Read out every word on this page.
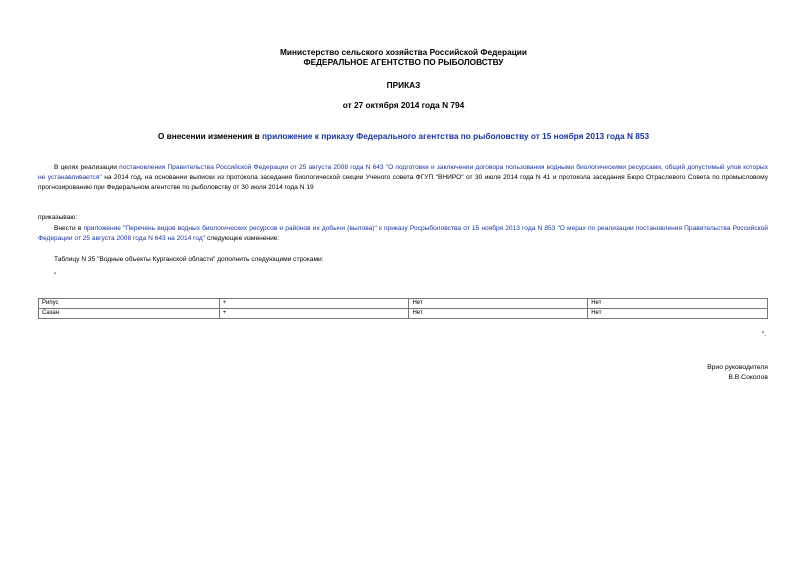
Министерство сельского хозяйства Российской Федерации
ФЕДЕРАЛЬНОЕ АГЕНТСТВО ПО РЫБОЛОВСТВУ
ПРИКАЗ
от 27 октября 2014 года N 794
О внесении изменения в приложение к приказу Федерального агентства по рыболовству от 15 ноября 2013 года N 853
В целях реализации постановления Правительства Российской Федерации от 25 августа 2008 года N 643 "О подготовке и заключении договора пользования водными биологическими ресурсами, общий допустимый улов которых не устанавливается" на 2014 год, на основании выписки из протокола заседания биологической секции Ученого совета ФГУП "ВНИРО" от 30 июля 2014 года N 41 и протокола заседания Бюро Отраслевого Совета по промысловому прогнозированию при Федеральном агентстве по рыболовству от 30 июля 2014 года N 19
приказываю:
Внести в приложение "Перечень видов водных биологических ресурсов и районов их добычи (вылова)" к приказу Росрыболовства от 15 ноября 2013 года N 853 "О мерах по реализации постановления Правительства Российской Федерации от 25 августа 2008 года N 643 на 2014 год" следующее изменение:
Таблицу N 35 "Водные объекты Курганской области" дополнить следующими строками:
"
Рипус	+	Нет	Нет
Сазан	+	Нет	Нет
".
Врио руководителя
В.В.Соколов
